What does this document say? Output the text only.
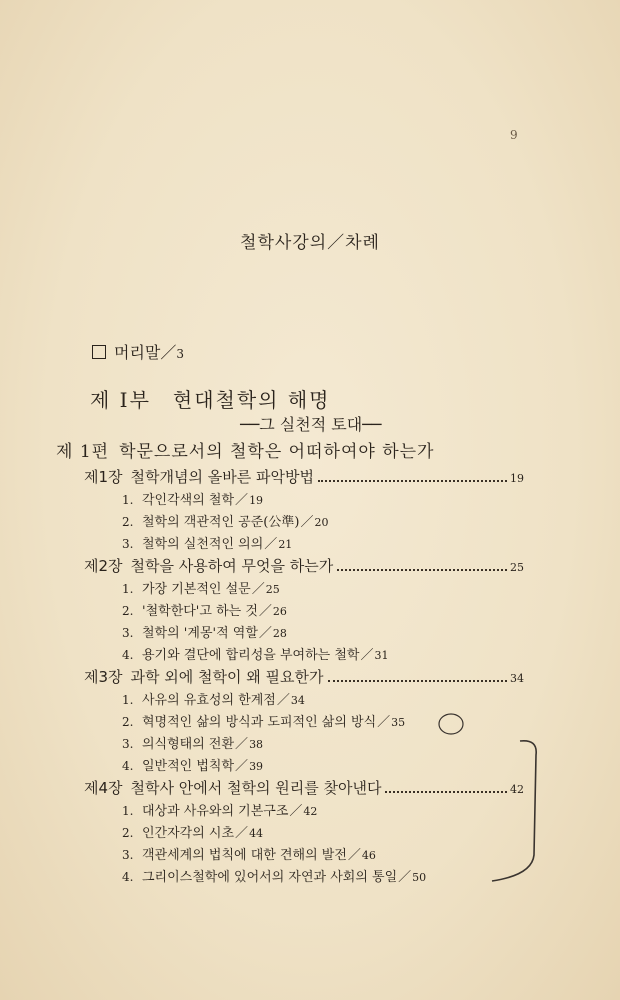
9
철학사강의／차례
머리말／3
제 Ⅰ부 현대철학의 해명
──그 실천적 토대──
제 1편 학문으로서의 철학은 어떠하여야 하는가
제1장 철학개념의 올바른 파악방법	19
1. 각인각색의 철학 ／ 19
2. 철학의 객관적인 공준(公準) ／ 20
3. 철학의 실천적인 의의 ／ 21
제2장 철학을 사용하여 무엇을 하는가	25
1. 가장 기본적인 설문 ／ 25
2. '철학한다'고 하는 것 ／ 26
3. 철학의 '계몽'적 역할 ／ 28
4. 용기와 결단에 합리성을 부여하는 철학 ／ 31
제3장 과학 외에 철학이 왜 필요한가	34
1. 사유의 유효성의 한계점 ／ 34
2. 혁명적인 삶의 방식과 도피적인 삶의 방식 ／ 35
3. 의식형태의 전환 ／ 38
4. 일반적인 법칙학 ／ 39
제4장 철학사 안에서 철학의 원리를 찾아낸다	42
1. 대상과 사유와의 기본구조 ／ 42
2. 인간자각의 시초 ／ 44
3. 객관세계의 법칙에 대한 견해의 발전 ／ 46
4. 그리이스철학에 있어서의 자연과 사회의 통일 ／ 50
